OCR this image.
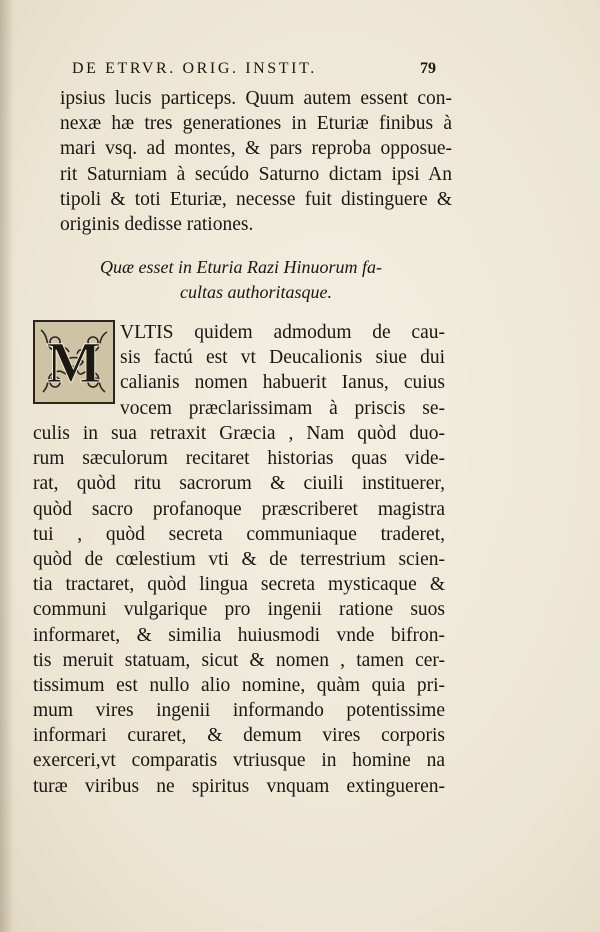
DE ETRVR. ORIG. INSTIT.	79
ipsius lucis particeps. Quum autem essent con-
nexæ hæ tres generationes in Eturiæ finibus à
mari vsq. ad montes, & pars reproba opposue-
rit Saturniam à secúdo Saturno dictam ipsi An
tipoli & toti Eturiæ, necesse fuit distinguere &
originis dedisse rationes.
Quæ esset in Eturia Razi Hinuorum fa-
cultas authoritasque.
M VLTIS quidem admodum de cau-
sis factú est vt Deucalionis siue dui
calianis nomen habuerit Ianus, cuius
vocem præclarissimam à priscis se-
culis in sua retraxit Græcia , Nam quòd duo-
rum sæculorum recitaret historias quas vide-
rat, quòd ritu sacrorum & ciuili instituerer,
quòd sacro profanoque præscriberet magistra
tui , quòd secreta communiaque traderet,
quòd de cœlestium vti & de terrestrium scien-
tia tractaret, quòd lingua secreta mysticaque &
communi vulgarique pro ingenii ratione suos
informaret, & similia huiusmodi vnde bifron-
tis meruit statuam, sicut & nomen , tamen cer-
tissimum est nullo alio nomine, quàm quia pri-
mum vires ingenii informando potentissime
informari curaret, & demum vires corporis
exerceri,vt comparatis vtriusque in homine na
turæ viribus ne spiritus vnquam extingueren-
